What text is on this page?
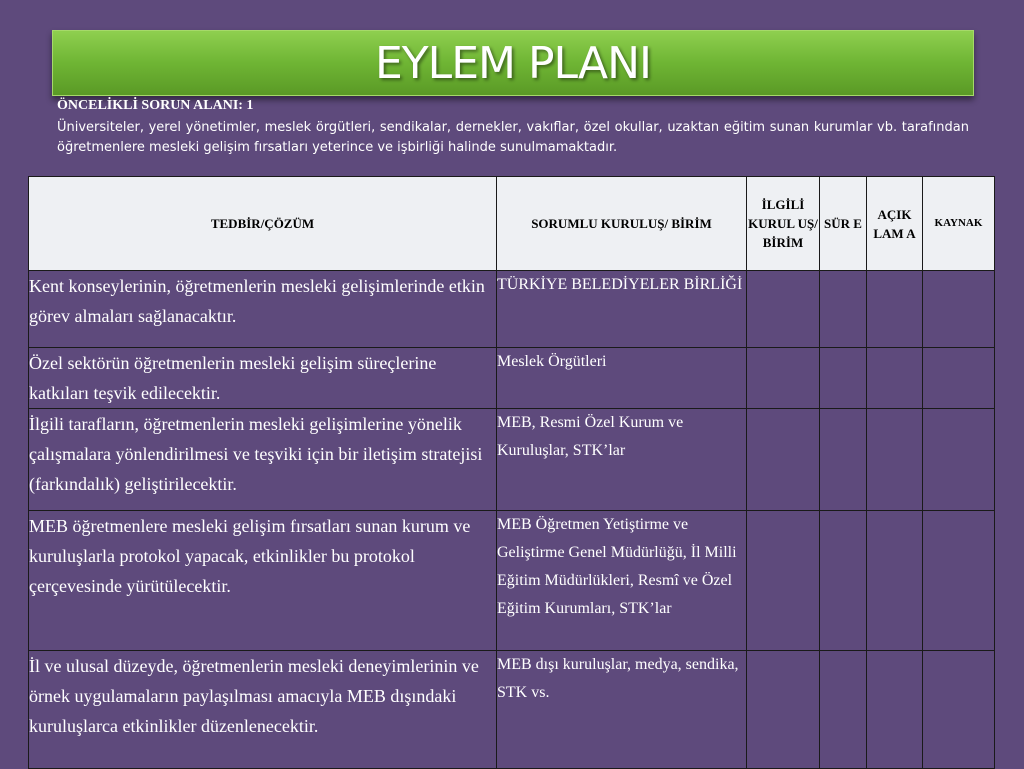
EYLEM PLANI
ÖNCELİKLİ SORUN ALANI: 1
Üniversiteler, yerel yönetimler, meslek örgütleri, sendikalar, dernekler, vakıflar, özel okullar, uzaktan eğitim sunan kurumlar vb. tarafından öğretmenlere mesleki gelişim fırsatları yeterince ve işbirliği halinde sunulmamaktadır.
TEDBİR/ÇÖZÜM	SORUMLU KURULUŞ/ BİRİM	İLGİLİ KURUL UŞ/ BİRİM	SÜR E	AÇIK LAM A	KAYNAK
Kent konseylerinin, öğretmenlerin mesleki gelişimlerinde etkin görev almaları sağlanacaktır.	TÜRKİYE BELEDİYELER BİRLİĞİ				
Özel sektörün öğretmenlerin mesleki gelişim süreçlerine katkıları teşvik edilecektir.	Meslek Örgütleri				
İlgili tarafların, öğretmenlerin mesleki gelişimlerine yönelik çalışmalara yönlendirilmesi ve teşviki için bir iletişim stratejisi (farkındalık) geliştirilecektir.	MEB, Resmi Özel Kurum ve Kuruluşlar, STK’lar				
MEB öğretmenlere mesleki gelişim fırsatları sunan kurum ve kuruluşlarla protokol yapacak, etkinlikler bu protokol çerçevesinde yürütülecektir.	MEB Öğretmen Yetiştirme ve Geliştirme Genel Müdürlüğü, İl Milli Eğitim Müdürlükleri, Resmî ve Özel Eğitim Kurumları, STK’lar				
İl ve ulusal düzeyde, öğretmenlerin mesleki deneyimlerinin ve örnek uygulamaların paylaşılması amacıyla MEB dışındaki kuruluşlarca etkinlikler düzenlenecektir.	MEB dışı kuruluşlar, medya, sendika, STK vs.				
